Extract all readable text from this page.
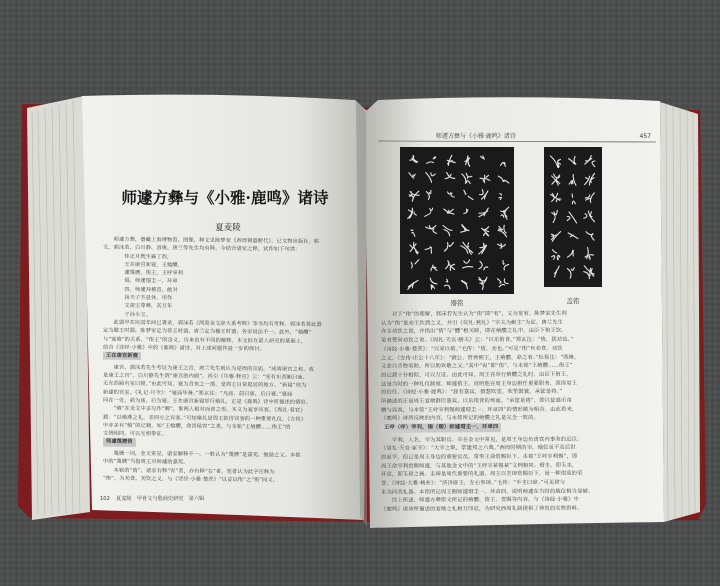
器铭	盖铭
师遽方彝与《小雅·鹿鸣》诸诗
夏麦陵
师遽方彝与《小雅·鹿鸣》诸诗	457
102 夏麦陵　甲骨文与殷商史研究　第六辑
　　师遽方彝，器藏上海博物馆。图像、释文见陈梦家《西周铜器断代》，已文物出版社。铭
文，郭沫若、白川静、容庚、唐兰等先生均有释。今结合诸家之释，试作如下句读：
　　　　隹正月既生霸丁酉，
　　　　王在康宫新寝，王飨醴，
　　　　遽蔑曆，侑王，王呼宰利
　　　　锡，师遽瑁圭一，环章
　　　　四。师遽拜稽首，敢对
　　　　扬天子丕显休，用作
　　　　文祖宝尊彝，其万年
　　　　子孙永宝。
　　此器早在民国年间已著录，郭沫若《两周金文辞大系考释》等书均有考释。郭沫若将此器
定为懿王时器，陈梦家定为恭王时器，唐兰定为穆王时器，各家说法不一。此外，“飨醴”
与“宴飨”的关系，“侑王”的含义，历来也有不同的解释。本文拟在前人研究的基础上，
结合《诗经·小雅》中的《鹿鸣》诸诗，对上述问题作进一步的探讨。
王在康宫新寝
　　康宫，郭沫若先生考证为康王之宫，唐兰先生则认为是周的宗庙，“成周康宫之称，或
是康王之宫”。白川静先生谓“康宫的内殿”。再引《尔雅·释宫》云：“室有东西厢曰庙，
无东西厢有室曰寝。”由此可知，寝为宫室之一部，是周王日常起居的地方。“新寝”则为
新建的宫室。《礼记·月令》：“寝庙毕备。”郑玄注：“凡庙，前曰庙，后曰寝。”寝庙
同在一处，前为庙，后为寝。王在康宫新寝举行飨礼，正是《鹿鸣》诗中所描述的情形。
　　“飨”在金文中多写作“卿”，象两人相对而食之形，本义为宴享宾客。《周礼·春官》
载：“以飨燕之礼，亲四方之宾客。”可知飨礼是周王款待宾客的一种重要礼仪。《左传》
中亦多有“飨”的记载，如“王飨醴，命晋侯宥”之类，与本铭“王飨醴……侑王”的
文例相同，可以互相参证。
师遽蔑曆侑
　　蔑曆一词，金文常见，诸家解释不一。一般认为“蔑曆”是嘉奖、勉励之义。本铭
中的“蔑曆”当指周王对师遽的嘉奖。
　　本铭的“侑”，诸家有释“宥”者，亦有释“右”者。笔者认为此字应释为
“侑”，为劝食、劝饮之义，与《诗经·小雅·楚茨》“以妥以侑”之“侑”同义。
　　对于“侑”的理解，郭沫若先生认为“侑”即“宥”，义为宽宥。陈梦家先生则
认为“侑”是劝王饮酒之义，并引《仪礼·燕礼》“宰夫为献主”为证。唐兰先生
亦主劝饮之说，并指出“侑”与“醴”相关联，即在飨醴之礼中，由臣下侑王饮。
笔者赞同劝饮之说。《周礼·天官·膳夫》云：“以乐侑食。”郑玄注：“侑，犹劝也。”
《诗经·小雅·楚茨》：“以妥以侑。”毛传：“侑，劝也。”可见“侑”有劝食、劝饮
之义。《左传·庄公十八年》：“虢公、晋侯朝王，王飨醴，命之宥。”杜预注：“既飨，
又命以币物宥助，所以助欢敬之义。”其中“宥”即“侑”，与本铭“王飨醴……侑王”
的记载十分相似，可以互证。由此可知，周王在举行飨醴之礼时，由臣下侑王，
这是当时的一种礼仪制度。师遽侑王，说明他在周王身边担任重要职务，深得周王
的信任。《诗经·小雅·鹿鸣》：“我有嘉宾，鼓瑟吹笙。吹笙鼓簧，承筐是将。”
所描述的正是周王宴飨群臣嘉宾、以乐侑食的场面。“承筐是将”，即以筐盛币帛
赠与宾客，与本铭“王呼宰利锡师遽瑁圭一、环章四”的情形颇为相合。由此看来，
《鹿鸣》诗所反映的内容，与本铭所记的飨醴之礼是完全一致的。
王呼（呼）宰利，锡（赐）师遽瑁圭一、环章四
　　宰利，人名，宰为其职官。宰在金文中常见，是周王身边负责宫内事务的近臣。
《周礼·天官·冢宰》：“大宰之职，掌建邦之六典。”西周时期的宰，地位虽不及后世
的冢宰，但已是周王身边的重要官员，常奉王命赏赐臣下。本铭“王呼宰利锡”，即
周王命宰利赏赐师遽，与其他金文中的“王呼宰某锡某”文例相同。瑁圭，即玉圭，
环章，即玉璋之属。圭璋是周代重要的礼器，周王以圭璋赏赐臣下，是一种很高的荣
誉。《诗经·大雅·棫朴》：“济济辟王，左右奉璋。”毛传：“半圭曰璋。”可见璋与
圭为同类礼器。本铭所记周王赐师遽瑁圭一、环章四，说明师遽在当时的地位相当显赫。
　　综上所述，师遽方彝铭文所记的飨醴、侑王、赏赐等内容，与《诗经·小雅》中
《鹿鸣》诸诗所描述的宴飨之礼相互印证，为研究西周礼制提供了珍贵的实物资料。
